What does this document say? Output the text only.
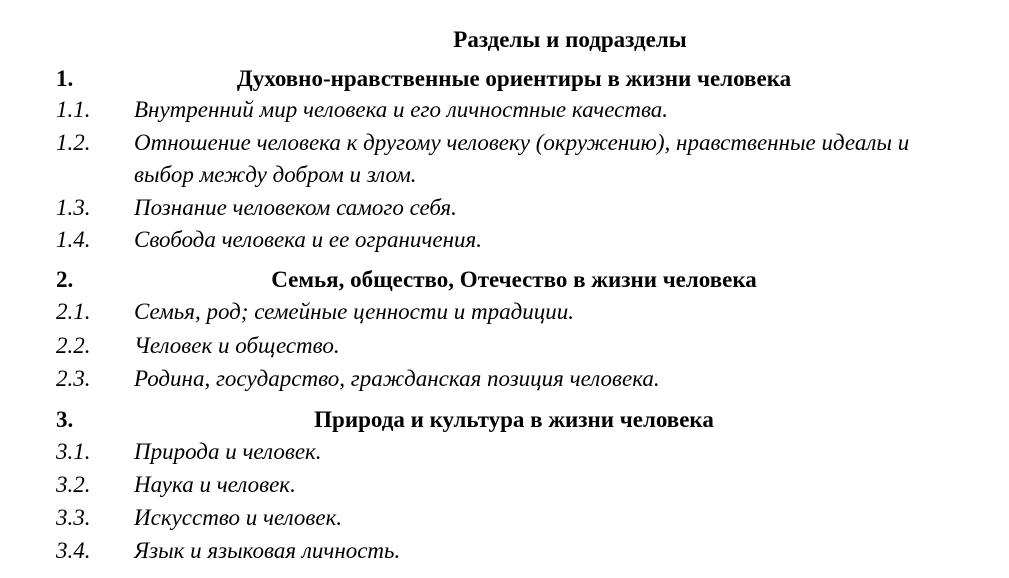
Разделы и подразделы
1.	Духовно-нравственные ориентиры в жизни человека
1.1. Внутренний мир человека и его личностные качества.
1.2. Отношение человека к другому человеку (окружению), нравственные идеалы и выбор между добром и злом.
1.3. Познание человеком самого себя.
1.4. Свобода человека и ее ограничения.
2.	Семья, общество, Отечество в жизни человека
2.1. Семья, род; семейные ценности и традиции.
2.2. Человек и общество.
2.3. Родина, государство, гражданская позиция человека.
3.	Природа и культура в жизни человека
3.1. Природа и человек.
3.2. Наука и человек.
3.3. Искусство и человек.
3.4. Язык и языковая личность.
